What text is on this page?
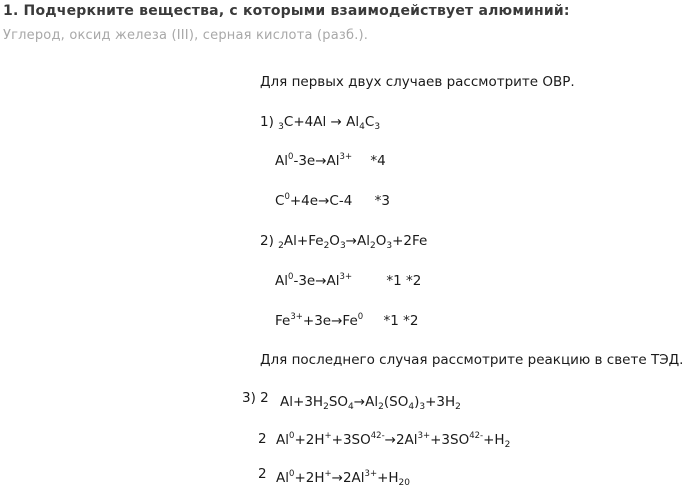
1. Подчеркните вещества, с которыми взаимодействует алюминий:
Углерод, оксид железа (III), серная кислота (разб.).
Для первых двух случаев рассмотрите ОВР.
1) $_3C+4Al \to Al_4C_3$
$Al^0-3e\to Al^{3+}$ *4
$C^0+4e\to C-4$ *3
2) $_2Al+Fe_2O_3\to Al_2O_3+2Fe$
$Al^0-3e\to Al^{3+}$	*1 *2
$Fe^{3+}+3e\to Fe^0$ *1 *2
Для последнего случая рассмотрите реакцию в свете ТЭД.
3) 2 $Al+3H_2SO_4\to Al_2(SO_4)_3+3H_2$
2 $Al^0+2H^++3SO^{42-}\to 2Al^{3+}+3SO^{42-}+H_2$
2 $Al^0+2H^+\to 2Al^{3+}+H_{20}$
